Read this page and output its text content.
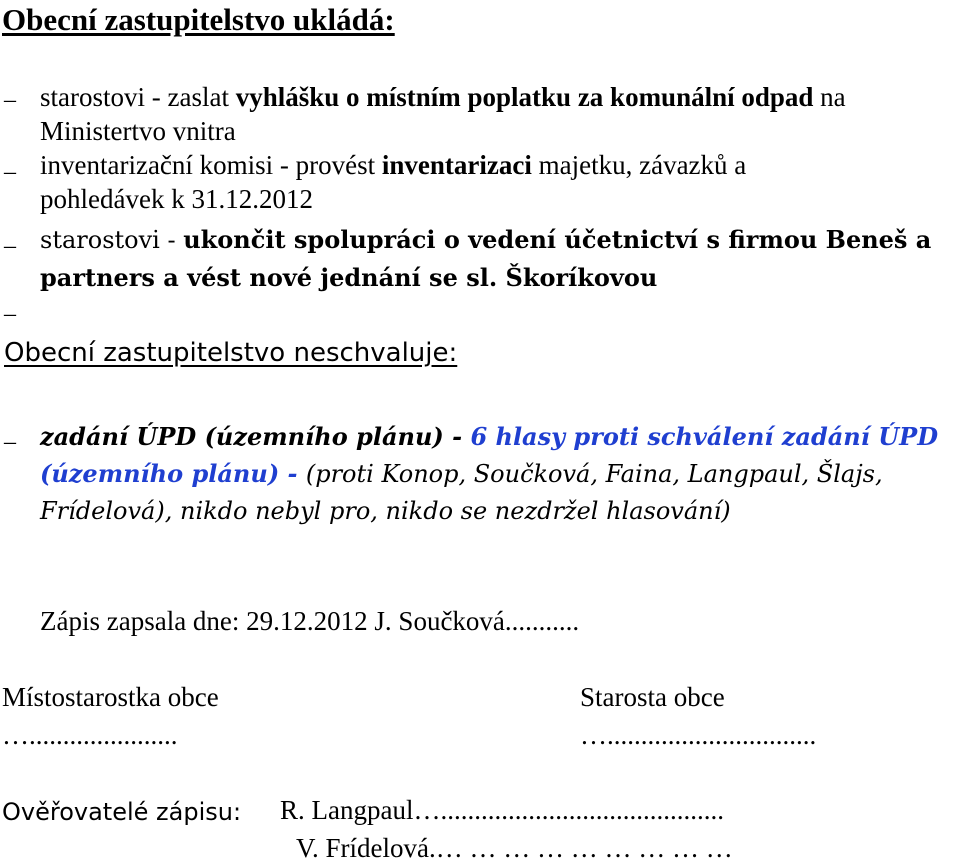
Obecní zastupitelstvo ukládá:
– starostovi - zaslat vyhlášku o místním poplatku za komunální odpad na
Ministertvo vnitra
– inventarizační komisi - provést inventarizaci majetku, závazků a
pohledávek k 31.12.2012
– starostovi - ukončit spolupráci o vedení účetnictví s firmou Beneš a
partners a vést nové jednání se sl. Škoríkovou
–
Obecní zastupitelstvo neschvaluje:
– zadání ÚPD (územního plánu) - 6 hlasy proti schválení zadání ÚPD
(územního plánu) - (proti Konop, Součková, Faina, Langpaul, Šlajs,
Frídelová), nikdo nebyl pro, nikdo se nezdržel hlasování)
Zápis zapsala dne: 29.12.2012 J. Součková...........
Místostarostka obce	Starosta obce
…......................	…...............................
Ověřovatelé zápisu: R. Langpaul…..........................................
V. Frídelová.… … … … … … … … …
